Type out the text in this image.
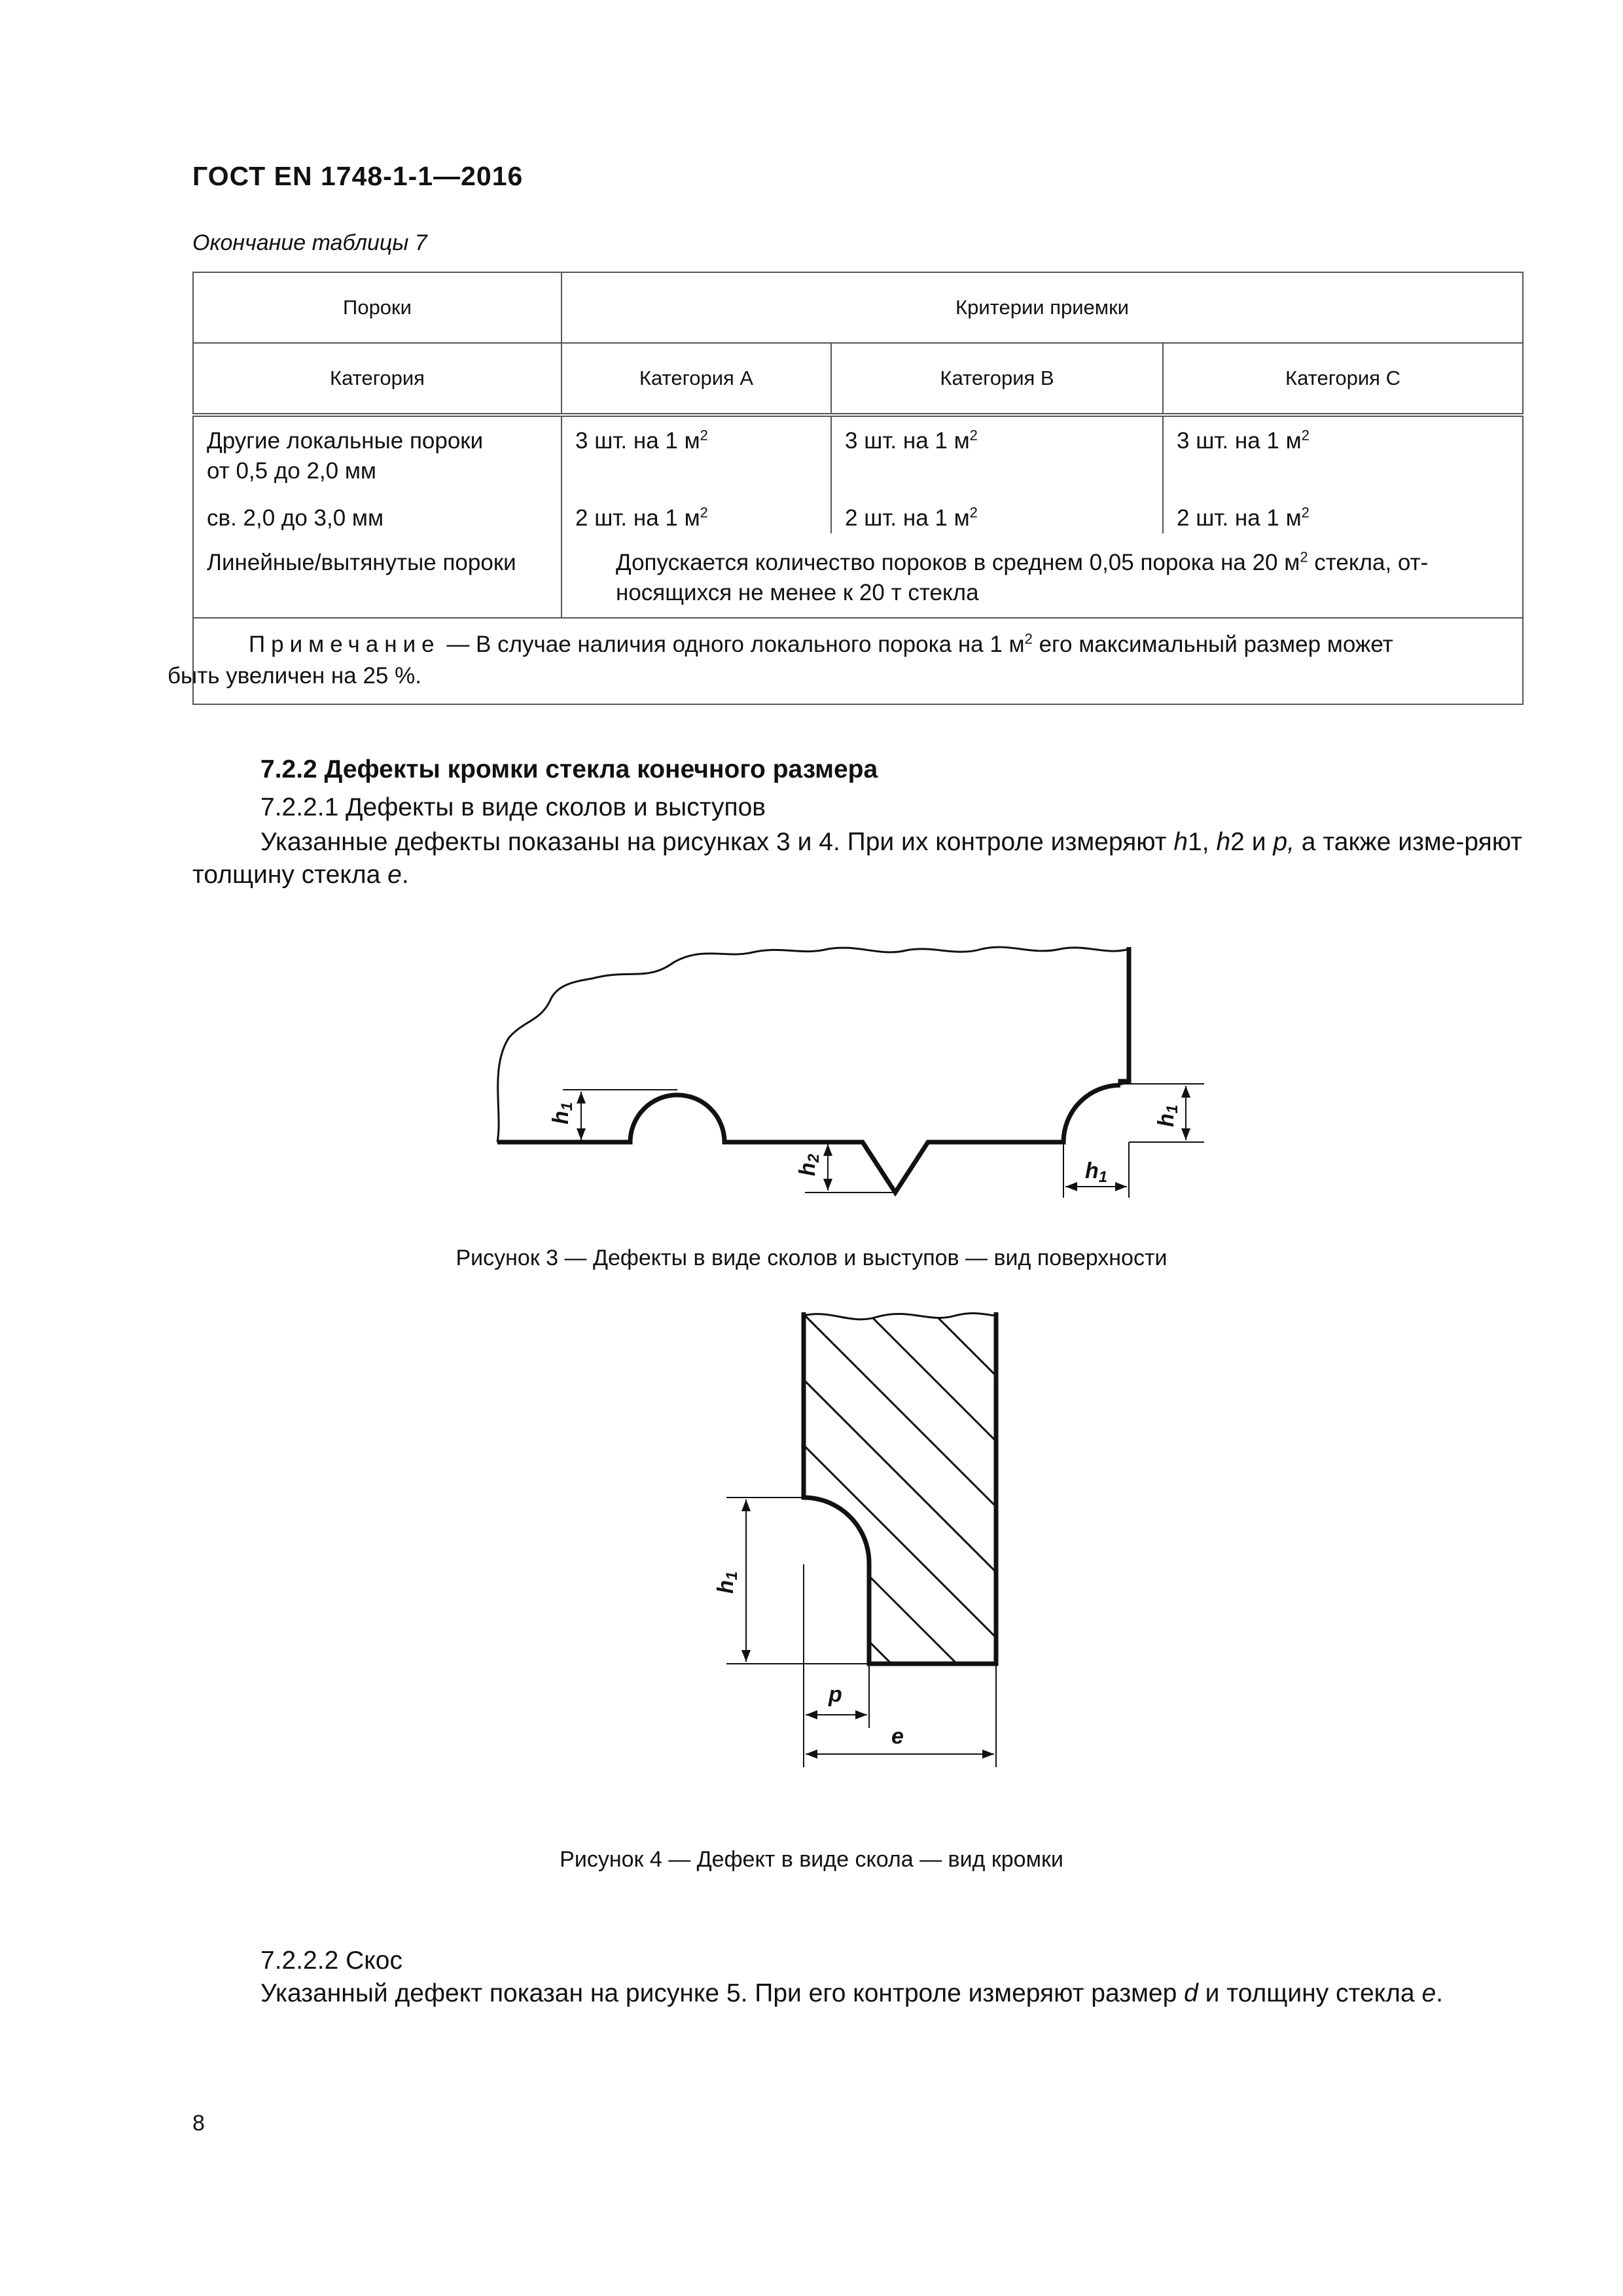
ГОСТ EN 1748-1-1—2016
Окончание таблицы 7
Пороки	Критерии приемки		
Категория	Категория A	Категория B	Категория C

Другие локальные пороки
от 0,5 до 2,0 мм	3 шт. на 1 $м^2$	3 шт. на 1 $м^2$	3 шт. на 1 $м^2$

св. 2,0 до 3,0 мм	2 шт. на 1 $м^2$	2 шт. на 1 $м^2$	2 шт. на 1 $м^2$

Линейные/вытянутые пороки	Допускается количество пороков в среднем 0,05 порока на 20 $м^2$ стекла, от-
носящихся не менее к 20 т стекла		

Примечание — В случае наличия одного локального порока на 1 $м^2$ его максимальный размер может
быть увеличен на 25 %.			
7.2.2 Дефекты кромки стекла конечного размера
7.2.2.1 Дефекты в виде сколов и выступов
Указанные дефекты показаны на рисунках 3 и 4. При их контроле измеряют h1, h2 и p, а также изме-ряют толщину стекла e.
h1
h2
h1
h1
Рисунок 3 — Дефекты в виде сколов и выступов — вид поверхности
h1
p
e
Рисунок 4 — Дефект в виде скола — вид кромки
7.2.2.2 Скос
Указанный дефект показан на рисунке 5. При его контроле измеряют размер d и толщину стекла e.
8
